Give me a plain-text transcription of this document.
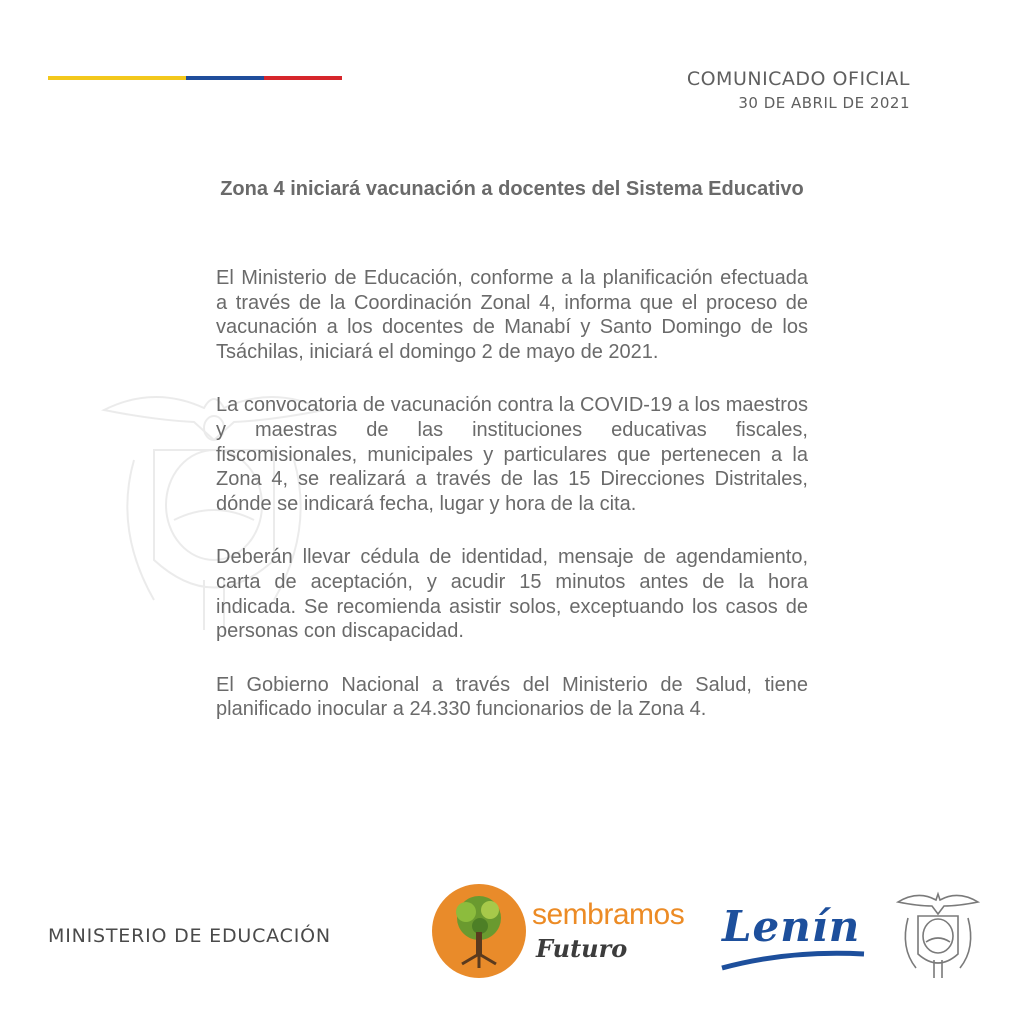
COMUNICADO OFICIAL
30 DE ABRIL DE 2021
Zona 4 iniciará vacunación a docentes del Sistema Educativo

El Ministerio de Educación, conforme a la planificación efectuada a través de la Coordinación Zonal 4, informa que el proceso de vacunación a los docentes de Manabí y Santo Domingo de los Tsáchilas, iniciará el domingo 2 de mayo de 2021.

La convocatoria de vacunación contra la COVID-19 a los maestros y maestras de las instituciones educativas fiscales, fiscomisionales, municipales y particulares que pertenecen a la Zona 4, se realizará a través de las 15 Direcciones Distritales, dónde se indicará fecha, lugar y hora de la cita.

Deberán llevar cédula de identidad, mensaje de agendamiento, carta de aceptación, y acudir 15 minutos antes de la hora indicada. Se recomienda asistir solos, exceptuando los casos de personas con discapacidad.

El Gobierno Nacional a través del Ministerio de Salud, tiene planificado inocular a 24.330 funcionarios de la Zona 4.

MINISTERIO DE EDUCACIÓN
sembramos
Futuro Lenín
